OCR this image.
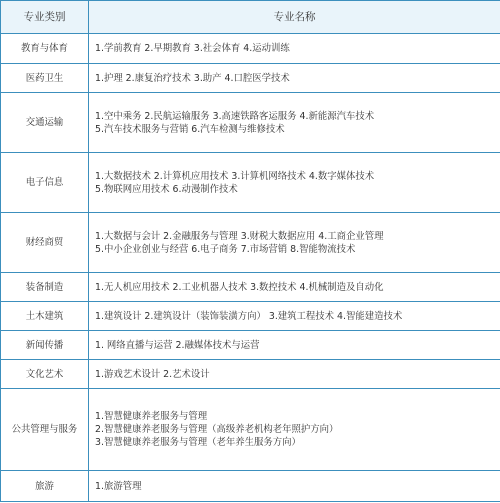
专业类别	专业名称
教育与体育	1.学前教育 2.早期教育 3.社会体育 4.运动训练

医药卫生	1.护理 2.康复治疗技术 3.助产 4.口腔医学技术

交通运输	1.空中乘务 2.民航运输服务 3.高速铁路客运服务 4.新能源汽车技术
5.汽车技术服务与营销 6.汽车检测与维修技术

电子信息	1.大数据技术 2.计算机应用技术 3.计算机网络技术 4.数字媒体技术
5.物联网应用技术 6.动漫制作技术

财经商贸	1.大数据与会计 2.金融服务与管理 3.财税大数据应用 4.工商企业管理
5.中小企业创业与经营 6.电子商务 7.市场营销 8.智能物流技术

装备制造	1.无人机应用技术 2.工业机器人技术 3.数控技术 4.机械制造及自动化

土木建筑	1.建筑设计 2.建筑设计（装饰装潢方向） 3.建筑工程技术 4.智能建造技术

新闻传播	1. 网络直播与运营 2.融媒体技术与运营

文化艺术	1.游戏艺术设计 2.艺术设计

公共管理与服务	1.智慧健康养老服务与管理
2.智慧健康养老服务与管理（高级养老机构老年照护方向）
3.智慧健康养老服务与管理（老年养生服务方向）

旅游	1.旅游管理
